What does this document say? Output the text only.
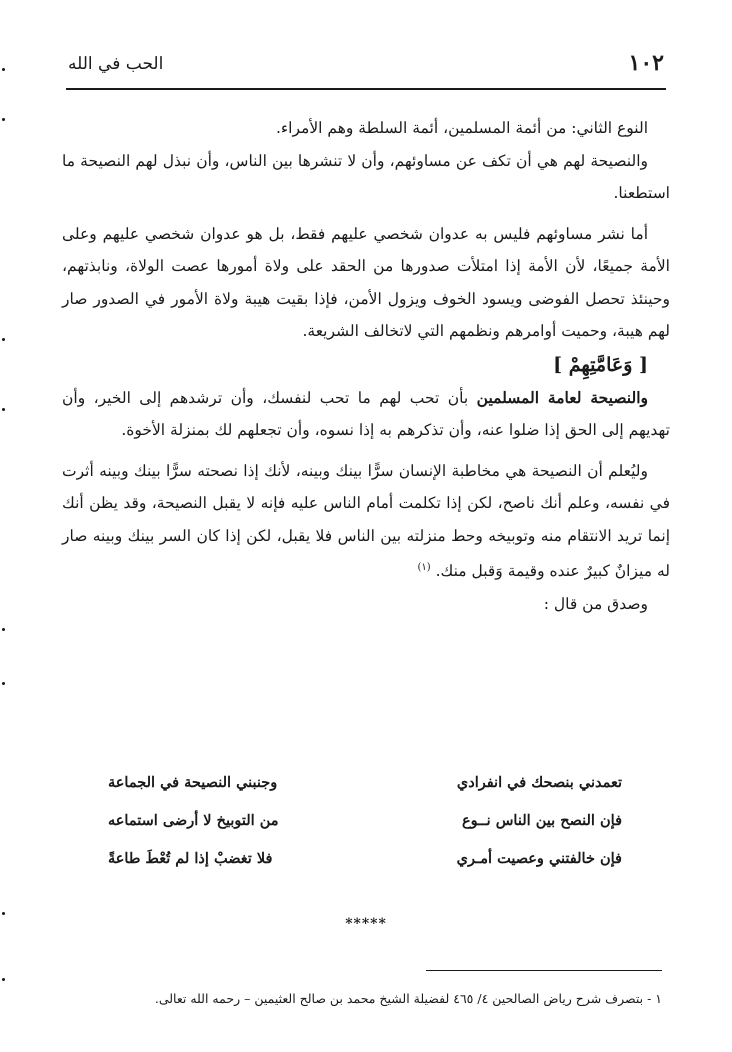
١٠٢
الحب في الله

النوع الثاني: من أئمة المسلمين، أئمة السلطة وهم الأمراء.

والنصيحة لهم هي أن تكف عن مساوئهم، وأن لا تنشرها بين الناس، وأن نبذل لهم النصيحة ما استطعنا.

أما نشر مساوئهم فليس به عدوان شخصي عليهم فقط، بل هو عدوان شخصي عليهم وعلى الأمة جميعًا، لأن الأمة إذا امتلأت صدورها من الحقد على ولاة أمورها عصت الولاة، ونابذتهم، وحينئذ تحصل الفوضى ويسود الخوف ويزول الأمن، فإذا بقيت هيبة ولاة الأمور في الصدور صار لهم هيبة، وحميت أوامرهم ونظمهم التي لاتخالف الشريعة.

[ وَعَامَّتِهِمْ ]

والنصيحة لعامة المسلمين بأن تحب لهم ما تحب لنفسك، وأن ترشدهم إلى الخير، وأن تهديهم إلى الحق إذا ضلوا عنه، وأن تذكرهم به إذا نسوه، وأن تجعلهم لك بمنزلة الأخوة.

وليُعلم أن النصيحة هي مخاطبة الإنسان سرًّا بينك وبينه، لأنك إذا نصحته سرًّا بينك وبينه أثرت في نفسه، وعلم أنك ناصح، لكن إذا تكلمت أمام الناس عليه فإنه لا يقبل النصيحة، وقد يظن أنك إنما تريد الانتقام منه وتوبيخه وحط منزلته بين الناس فلا يقبل، لكن إذا كان السر بينك وبينه صار له ميزانٌ كبيرٌ عنده وقيمة وَقبل منك. $^{(١)}$

وصدق من قال :

تعمدني بنصحك في انفرادي
وجنبني النصيحة في الجماعة
فإن النصح بين الناس نــوع
من التوبيخ لا أرضى استماعه
فإن خالفتني وعصيت أمـري
فلا تغضبْ إذا لم تُعْطَ طاعةً
*****
١ - بتصرف شرح رياض الصالحين ٤/ ٤٦٥ لفضيلة الشيخ محمد بن صالح العثيمين – رحمه الله تعالى.
